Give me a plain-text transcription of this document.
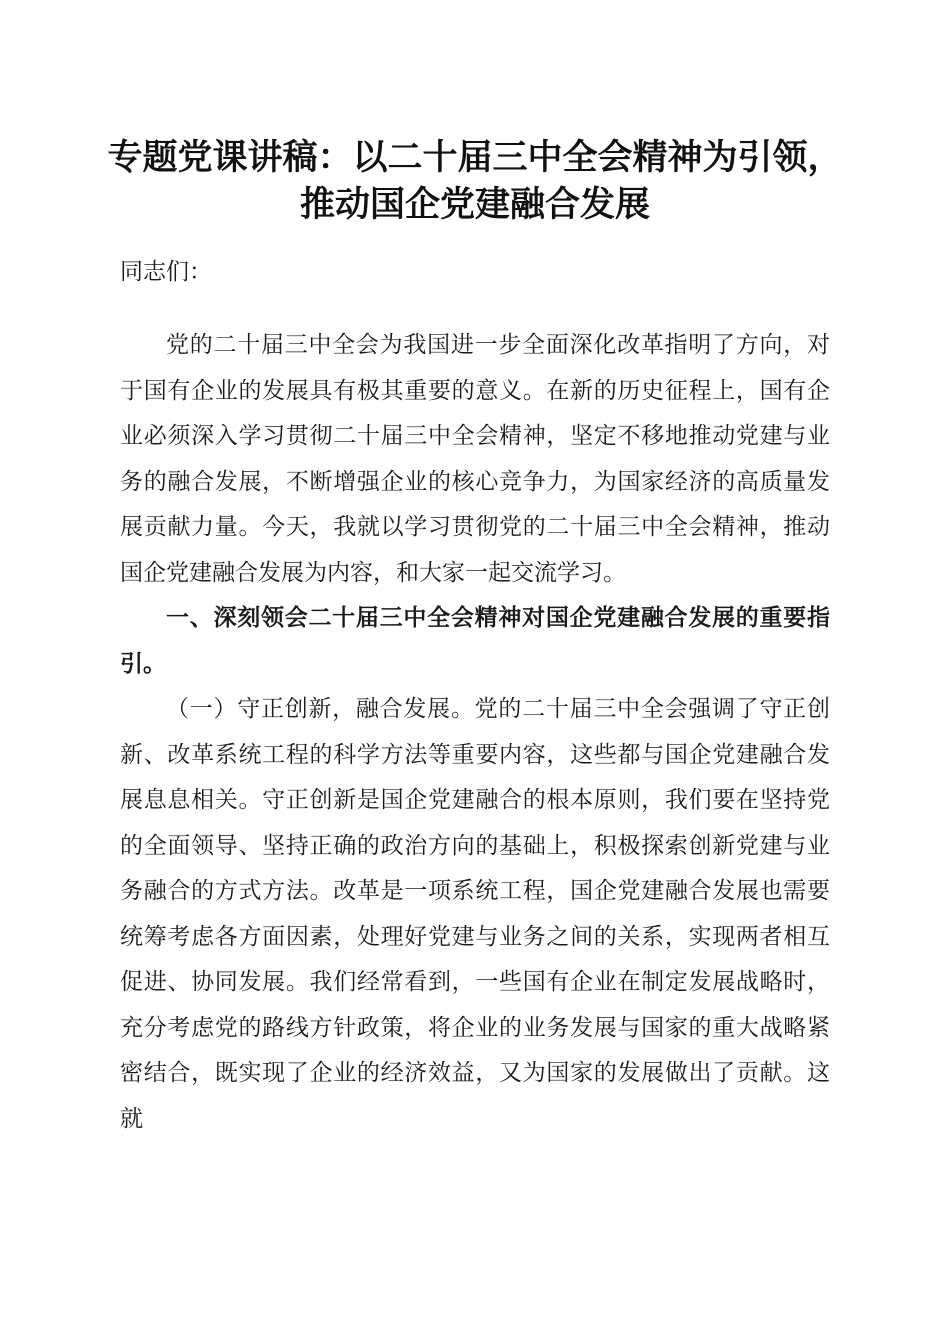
专题党课讲稿：以二十届三中全会精神为引领，
推动国企党建融合发展
同志们：

党的二十届三中全会为我国进一步全面深化改革指明了方向，对于国有企业的发展具有极其重要的意义。在新的历史征程上，国有企业必须深入学习贯彻二十届三中全会精神，坚定不移地推动党建与业务的融合发展，不断增强企业的核心竞争力，为国家经济的高质量发展贡献力量。今天，我就以学习贯彻党的二十届三中全会精神，推动国企党建融合发展为内容，和大家一起交流学习。

一、深刻领会二十届三中全会精神对国企党建融合发展的重要指引。

（一）守正创新，融合发展。党的二十届三中全会强调了守正创新、改革系统工程的科学方法等重要内容，这些都与国企党建融合发展息息相关。守正创新是国企党建融合的根本原则，我们要在坚持党的全面领导、坚持正确的政治方向的基础上，积极探索创新党建与业务融合的方式方法。改革是一项系统工程，国企党建融合发展也需要统筹考虑各方面因素，处理好党建与业务之间的关系，实现两者相互促进、协同发展。我们经常看到，一些国有企业在制定发展战略时，充分考虑党的路线方针政策，将企业的业务发展与国家的重大战略紧密结合，既实现了企业的经济效益，又为国家的发展做出了贡献。这就
